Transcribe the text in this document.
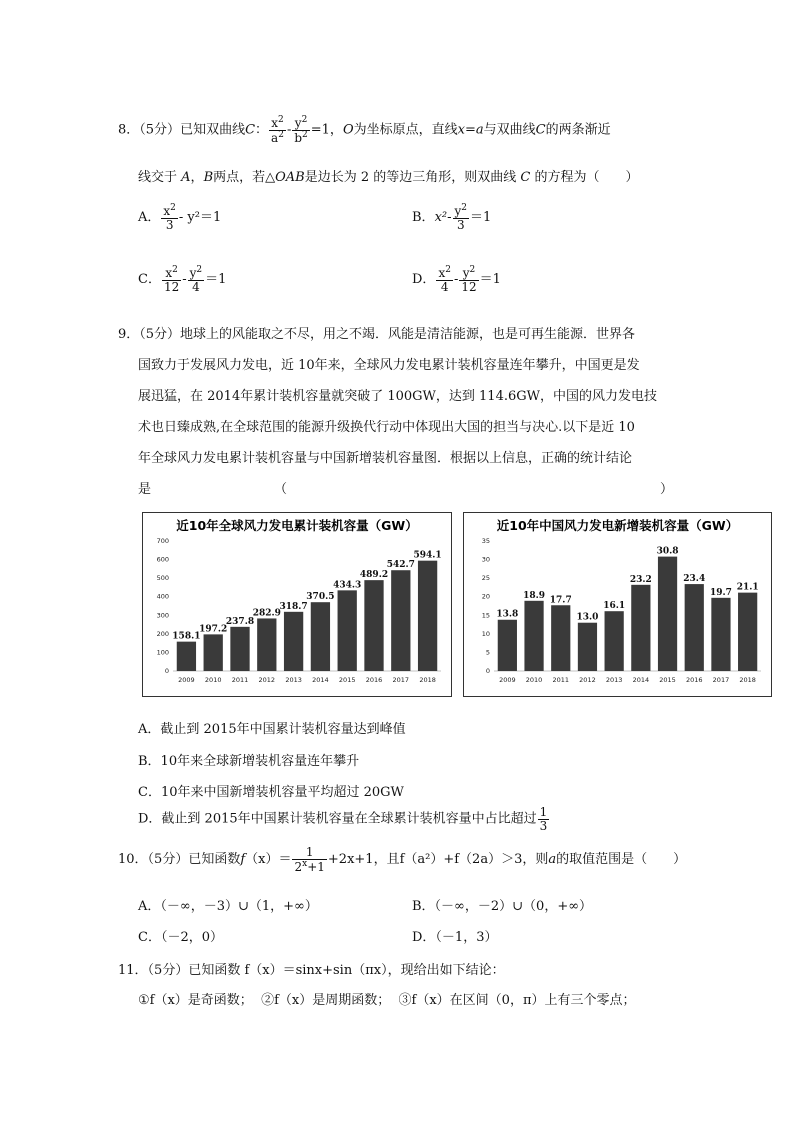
8．（5分）已知双曲线C： $\frac{x^2}{a^2} - \frac{y^2}{b^2} =1$，O为坐标原点，直线x=a与双曲线C的两条渐近
线交于 A，B两点，若△OAB是边长为 2 的等边三角形，则双曲线 C 的方程为（　　）
A． $\frac{x^2}{3} - y^2=1$	B．$x^2- \frac{y^2}{3} =1$
C． $\frac{x^2}{12} - \frac{y^2}{4} =1$	D． $\frac{x^2}{4} - \frac{y^2}{12} =1$
9．（5分）地球上的风能取之不尽，用之不竭．风能是清洁能源，也是可再生能源．世界各
国致力于发展风力发电，近 10年来，全球风力发电累计装机容量连年攀升，中国更是发
展迅猛，在 2014年累计装机容量就突破了 100GW，达到 114.6GW，中国的风力发电技
术也日臻成熟,在全球范围的能源升级换代行动中体现出大国的担当与决心.以下是近 10
年全球风力发电累计装机容量与中国新增装机容量图．根据以上信息，正确的统计结论
是	（	）
近10年全球风力发电累计装机容量（GW）
0
100
200
300
400
500
600
700
158.1
2009
197.2
2010
237.8
2011
282.9
2012
318.7
2013
370.5
2014
434.3
2015
489.2
2016
542.7
2017
594.1
2018
近10年中国风力发电新增装机容量（GW）
0
5
10
15
20
25
30
35
13.8
2009
18.9
2010
17.7
2011
13.0
2012
16.1
2013
23.2
2014
30.8
2015
23.4
2016
19.7
2017
21.1
2018
A．截止到 2015年中国累计装机容量达到峰值
B．10年来全球新增装机容量连年攀升
C．10年来中国新增装机容量平均超过 20GW
D．截止到 2015年中国累计装机容量在全球累计装机容量中占比超过 $\frac{1}{3}$
10．（5分）已知函数$f(x)= \frac{1}{2^x+1} +2x+1$，且f（a²）+f（2a）＞3，则a的取值范围是（　　）
A．（－∞，－3）∪（1，+∞）	B．（－∞，－2）∪（0，+∞）
C．（－2，0）	D．（－1，3）
11．（5分）已知函数 f（x）＝sinx+sin（πx），现给出如下结论：
①f（x）是奇函数； ②f（x）是周期函数； ③f（x）在区间（0，π）上有三个零点；
